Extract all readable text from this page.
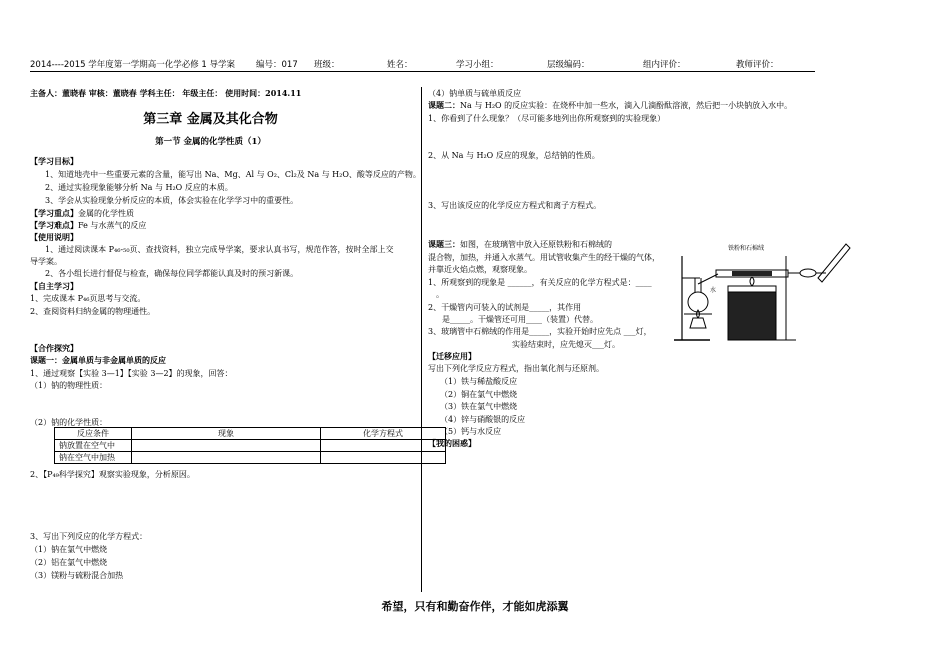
2014----2015 学年度第一学期高一化学必修 1 导学案 编号：017 班级：	姓名：	学习小组：	层级编码：	组内评价：	教师评价：
主备人：董晓春 审核：董晓春 学科主任： 年级主任： 使用时间：2014.11
第三章 金属及其化合物
第一节 金属的化学性质（1）
【学习目标】
1、知道地壳中一些重要元素的含量，能写出 Na、Mg、Al 与 O₂、Cl₂及 Na 与 H₂O、酸等反应的产物。
2、通过实验现象能够分析 Na 与 H₂O 反应的本质。
3、学会从实验现象分析反应的本质，体会实验在化学学习中的重要性。
【学习重点】金属的化学性质
【学习难点】Fe 与水蒸气的反应
【使用说明】
1、通过阅读课本 P₄₆-₅₀页、查找资料，独立完成导学案，要求认真书写，规范作答，按时全部上交
导学案。
2、各小组长进行督促与检查，确保每位同学都能认真及时的预习新课。
【自主学习】
1、完成课本 P₄₆页思考与交流。
2、查阅资料归纳金属的物理通性。
【合作探究】
课题一：金属单质与非金属单质的反应
1、通过观察【实验 3—1】【实验 3—2】的现象，回答：
（1）钠的物理性质：
（2）钠的化学性质：
反应条件	现象	化学方程式
钠放置在空气中		
钠在空气中加热		
2、【P₄₉科学探究】观察实验现象，分析原因。
3、写出下列反应的化学方程式：
（1）钠在氯气中燃烧
（2）铝在氯气中燃烧
（3）镁粉与硫粉混合加热
（4）钠单质与硫单质反应
课题二：Na 与 H₂O 的反应实验：在烧杯中加一些水，滴入几滴酚酞溶液，然后把一小块钠放入水中。
1、你看到了什么现象？（尽可能多地列出你所观察到的实验现象）
2、从 Na 与 H₂O 反应的现象，总结钠的性质。
3、写出该反应的化学反应方程式和离子方程式。
课题三：如图，在玻璃管中放入还原铁粉和石棉绒的
混合物，加热，并通入水蒸气。用试管收集产生的经干燥的气体，
并靠近火焰点燃，观察现象。
1、所观察到的现象是 ______，有关反应的化学方程式是：____
。
2、干燥管内可装入的试剂是_____，其作用
是_____。干燥管还可用____（装置）代替。
3、玻璃管中石棉绒的作用是_____，实验开始时应先点 ___灯，
实验结束时，应先熄灭___灯。
铁粉和石棉绒
水
【迁移应用】
写出下列化学反应方程式，指出氧化剂与还原剂。
（1）铁与稀盐酸反应
（2）铜在氯气中燃烧
（3）铁在氯气中燃烧
（4）锌与硝酸银的反应
（5）钙与水反应
【我的困惑】
希望，只有和勤奋作伴，才能如虎添翼
